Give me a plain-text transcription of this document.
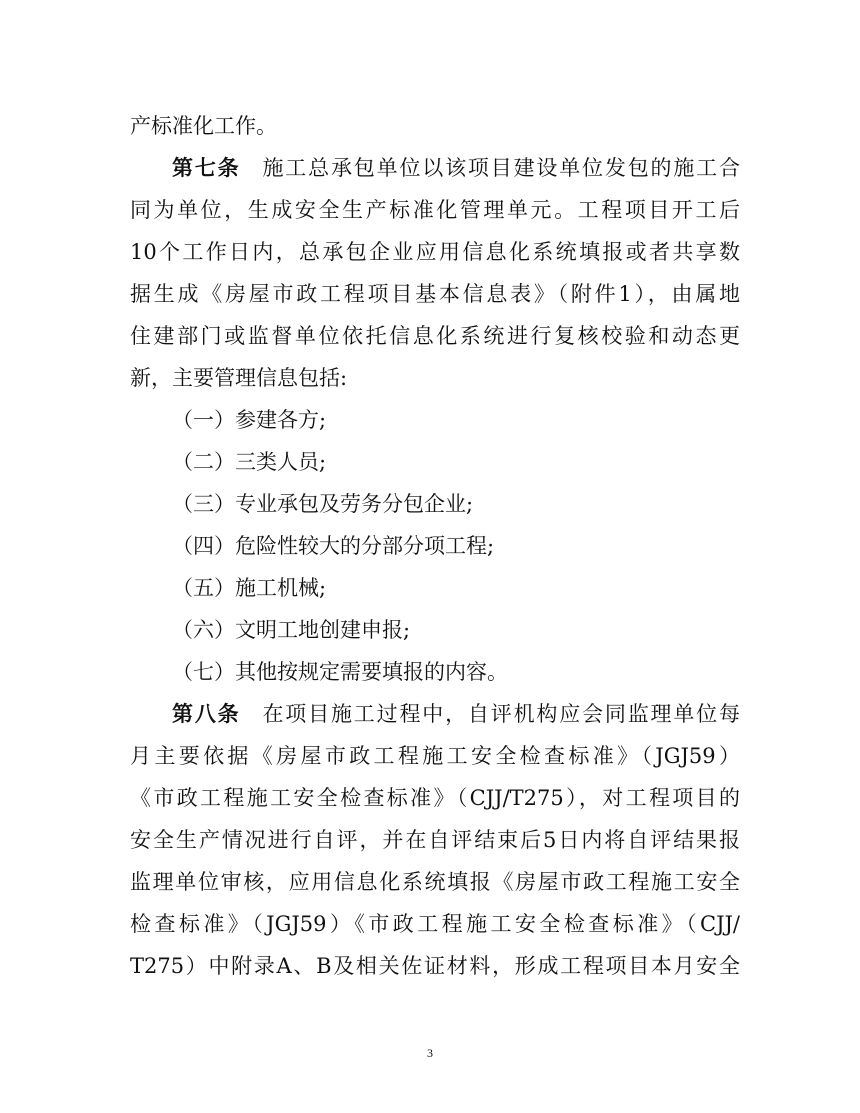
产标准化工作。

第七条 施工总承包单位以该项目建设单位发包的施工合

同为单位，生成安全生产标准化管理单元。工程项目开工后

10个工作日内，总承包企业应用信息化系统填报或者共享数

据生成《房屋市政工程项目基本信息表》（附件1），由属地

住建部门或监督单位依托信息化系统进行复核校验和动态更

新，主要管理信息包括:

（一）参建各方;

（二）三类人员;

（三）专业承包及劳务分包企业;

（四）危险性较大的分部分项工程;

（五）施工机械;

（六）文明工地创建申报;

（七）其他按规定需要填报的内容。

第八条 在项目施工过程中，自评机构应会同监理单位每

月主要依据《房屋市政工程施工安全检查标准》（JGJ59）

《市政工程施工安全检查标准》（CJJ/T275），对工程项目的

安全生产情况进行自评，并在自评结束后5日内将自评结果报

监理单位审核，应用信息化系统填报《房屋市政工程施工安全

检查标准》（JGJ59）《市政工程施工安全检查标准》（CJJ/

T275）中附录A、B及相关佐证材料，形成工程项目本月安全

3
